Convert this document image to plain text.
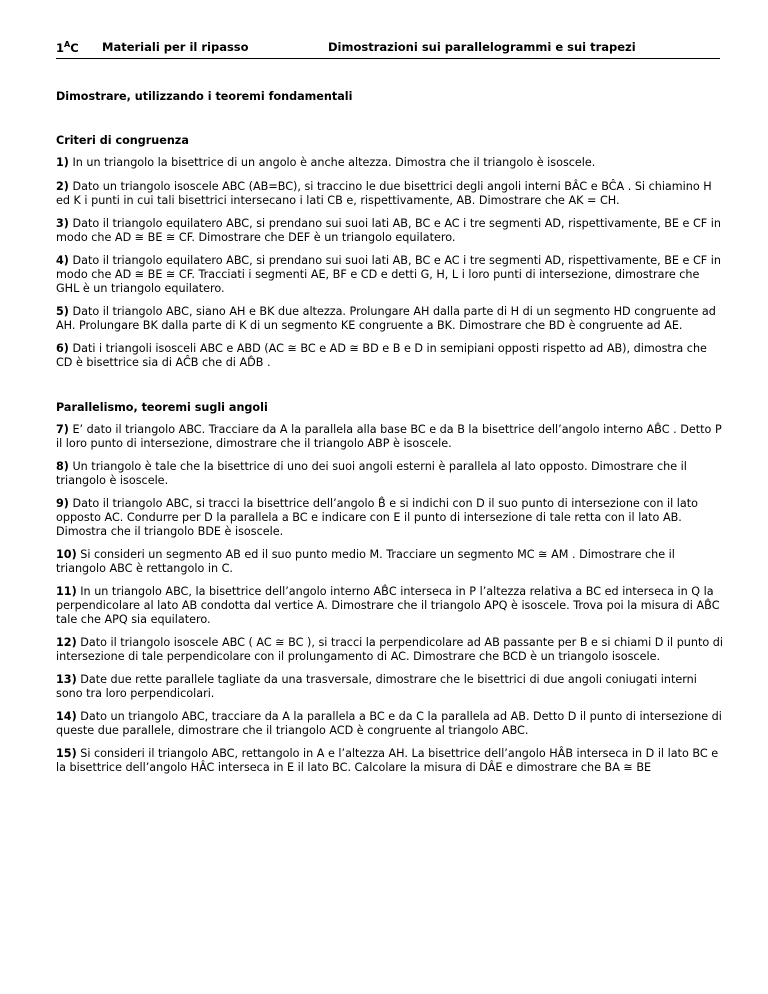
$1^AC$ Materiali per il ripasso	Dimostrazioni sui parallelogrammi e sui trapezi

Dimostrare, utilizzando i teoremi fondamentali

Criteri di congruenza

1) In un triangolo la bisettrice di un angolo è anche altezza. Dimostra che il triangolo è isoscele.

2) Dato un triangolo isoscele ABC (AB=BC), si traccino le due bisettrici degli angoli interni BÂC e BĈA . Si chiamino H ed K i punti in cui tali bisettrici intersecano i lati CB e, rispettivamente, AB. Dimostrare che AK = CH.

3) Dato il triangolo equilatero ABC, si prendano sui suoi lati AB, BC e AC i tre segmenti AD, rispettivamente, BE e CF in modo che AD ≅ BE ≅ CF. Dimostrare che DEF è un triangolo equilatero.

4) Dato il triangolo equilatero ABC, si prendano sui suoi lati AB, BC e AC i tre segmenti AD, rispettivamente, BE e CF in modo che AD ≅ BE ≅ CF. Tracciati i segmenti AE, BF e CD e detti G, H, L i loro punti di intersezione, dimostrare che GHL è un triangolo equilatero.

5) Dato il triangolo ABC, siano AH e BK due altezza. Prolungare AH dalla parte di H di un segmento HD congruente ad AH. Prolungare BK dalla parte di K di un segmento KE congruente a BK. Dimostrare che BD è congruente ad AE.

6) Dati i triangoli isosceli ABC e ABD (AC ≅ BC e AD ≅ BD e B e D in semipiani opposti rispetto ad AB), dimostra che CD è bisettrice sia di AĈB che di AD̂B .

Parallelismo, teoremi sugli angoli

7) E’ dato il triangolo ABC. Tracciare da A la parallela alla base BC e da B la bisettrice dell’angolo interno AB̂C . Detto P il loro punto di intersezione, dimostrare che il triangolo ABP è isoscele.

8) Un triangolo è tale che la bisettrice di uno dei suoi angoli esterni è parallela al lato opposto. Dimostrare che il triangolo è isoscele.

9) Dato il triangolo ABC, si tracci la bisettrice dell’angolo B̂ e si indichi con D il suo punto di intersezione con il lato opposto AC. Condurre per D la parallela a BC e indicare con E il punto di intersezione di tale retta con il lato AB. Dimostra che il triangolo BDE è isoscele.

10) Si consideri un segmento AB ed il suo punto medio M. Tracciare un segmento MC ≅ AM . Dimostrare che il triangolo ABC è rettangolo in C.

11) In un triangolo ABC, la bisettrice dell’angolo interno AB̂C interseca in P l’altezza relativa a BC ed interseca in Q la perpendicolare al lato AB condotta dal vertice A. Dimostrare che il triangolo APQ è isoscele. Trova poi la misura di AB̂C tale che APQ sia equilatero.

12) Dato il triangolo isoscele ABC ( AC ≅ BC ), si tracci la perpendicolare ad AB passante per B e si chiami D il punto di intersezione di tale perpendicolare con il prolungamento di AC. Dimostrare che BCD è un triangolo isoscele.

13) Date due rette parallele tagliate da una trasversale, dimostrare che le bisettrici di due angoli coniugati interni sono tra loro perpendicolari.

14) Dato un triangolo ABC, tracciare da A la parallela a BC e da C la parallela ad AB. Detto D il punto di intersezione di queste due parallele, dimostrare che il triangolo ACD è congruente al triangolo ABC.

15) Si consideri il triangolo ABC, rettangolo in A e l’altezza AH. La bisettrice dell’angolo HÂB interseca in D il lato BC e la bisettrice dell’angolo HÂC interseca in E il lato BC. Calcolare la misura di DÂE e dimostrare che BA ≅ BE
